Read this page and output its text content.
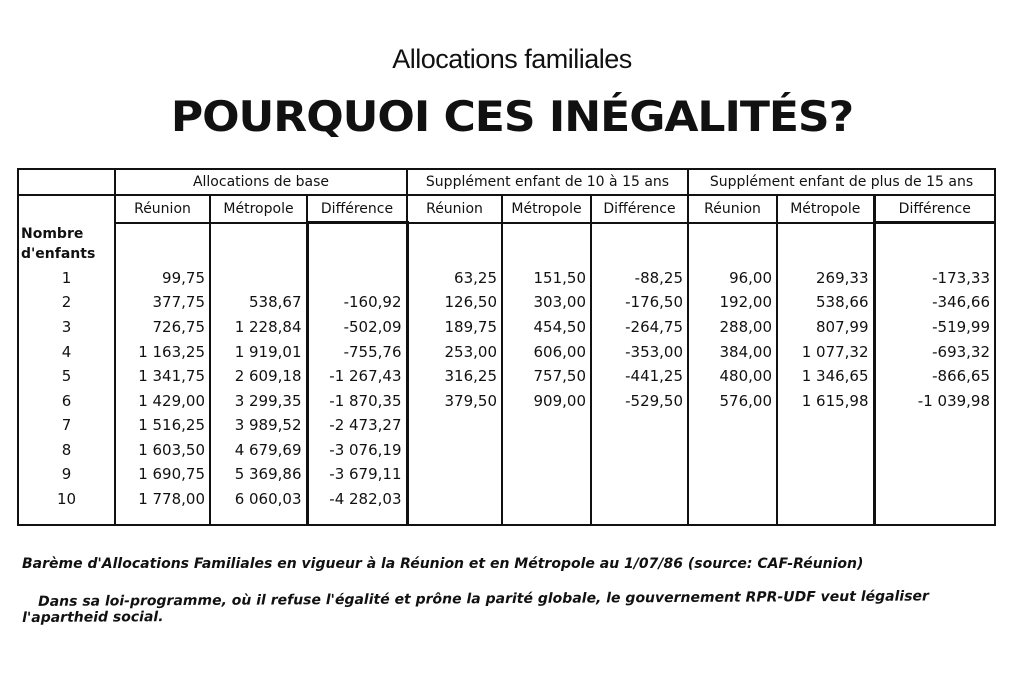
Allocations familiales
POURQUOI CES INÉGALITÉS?
	Allocations de base			Supplément enfant de 10 à 15 ans			Supplément enfant de plus de 15 ans		
	Réunion	Métropole	Différence	Réunion	Métropole	Différence	Réunion	Métropole	Différence
Nombre d'enfants									
1	99,75			63,25	151,50	-88,25	96,00	269,33	-173,33
2	377,75	538,67	-160,92	126,50	303,00	-176,50	192,00	538,66	-346,66
3	726,75	1 228,84	-502,09	189,75	454,50	-264,75	288,00	807,99	-519,99
4	1 163,25	1 919,01	-755,76	253,00	606,00	-353,00	384,00	1 077,32	-693,32
5	1 341,75	2 609,18	-1 267,43	316,25	757,50	-441,25	480,00	1 346,65	-866,65
6	1 429,00	3 299,35	-1 870,35	379,50	909,00	-529,50	576,00	1 615,98	-1 039,98
7	1 516,25	3 989,52	-2 473,27						
8	1 603,50	4 679,69	-3 076,19						
9	1 690,75	5 369,86	-3 679,11						
10	1 778,00	6 060,03	-4 282,03						

Barème d'Allocations Familiales en vigueur à la Réunion et en Métropole au 1/07/86 (source: CAF-Réunion)

Dans sa loi-programme, où il refuse l'égalité et prône la parité globale, le gouvernement RPR-UDF veut légaliser l'apartheid social.
